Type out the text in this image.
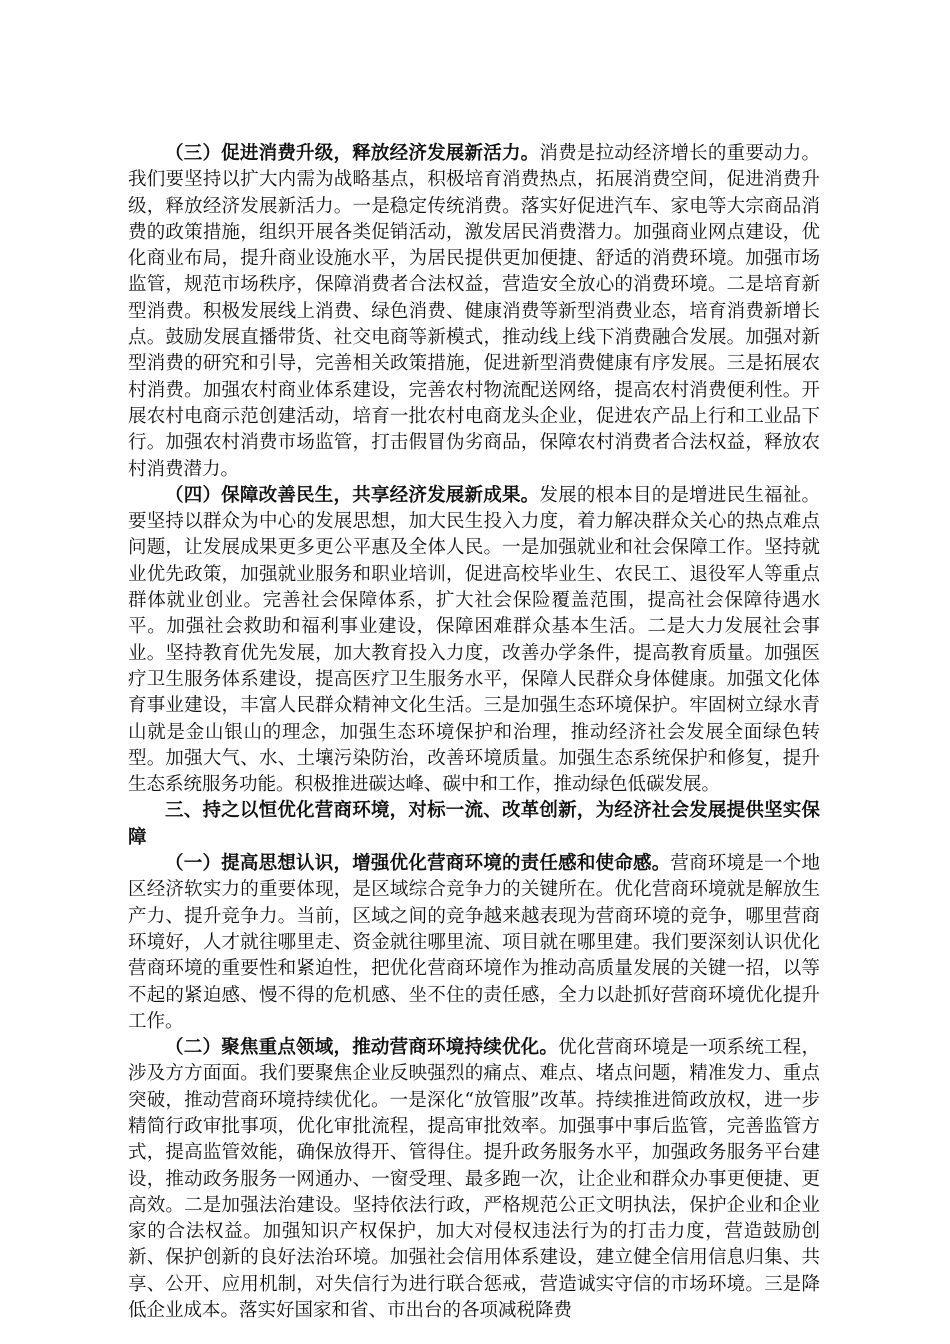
（三）促进消费升级，释放经济发展新活力。消费是拉动经济增长的重要动力。我们要坚持以扩大内需为战略基点，积极培育消费热点，拓展消费空间，促进消费升级，释放经济发展新活力。一是稳定传统消费。落实好促进汽车、家电等大宗商品消费的政策措施，组织开展各类促销活动，激发居民消费潜力。加强商业网点建设，优化商业布局，提升商业设施水平，为居民提供更加便捷、舒适的消费环境。加强市场监管，规范市场秩序，保障消费者合法权益，营造安全放心的消费环境。二是培育新型消费。积极发展线上消费、绿色消费、健康消费等新型消费业态，培育消费新增长点。鼓励发展直播带货、社交电商等新模式，推动线上线下消费融合发展。加强对新型消费的研究和引导，完善相关政策措施，促进新型消费健康有序发展。三是拓展农村消费。加强农村商业体系建设，完善农村物流配送网络，提高农村消费便利性。开展农村电商示范创建活动，培育一批农村电商龙头企业，促进农产品上行和工业品下行。加强农村消费市场监管，打击假冒伪劣商品，保障农村消费者合法权益，释放农村消费潜力。

（四）保障改善民生，共享经济发展新成果。发展的根本目的是增进民生福祉。要坚持以群众为中心的发展思想，加大民生投入力度，着力解决群众关心的热点难点问题，让发展成果更多更公平惠及全体人民。一是加强就业和社会保障工作。坚持就业优先政策，加强就业服务和职业培训，促进高校毕业生、农民工、退役军人等重点群体就业创业。完善社会保障体系，扩大社会保险覆盖范围，提高社会保障待遇水平。加强社会救助和福利事业建设，保障困难群众基本生活。二是大力发展社会事业。坚持教育优先发展，加大教育投入力度，改善办学条件，提高教育质量。加强医疗卫生服务体系建设，提高医疗卫生服务水平，保障人民群众身体健康。加强文化体育事业建设，丰富人民群众精神文化生活。三是加强生态环境保护。牢固树立绿水青山就是金山银山的理念，加强生态环境保护和治理，推动经济社会发展全面绿色转型。加强大气、水、土壤污染防治，改善环境质量。加强生态系统保护和修复，提升生态系统服务功能。积极推进碳达峰、碳中和工作，推动绿色低碳发展。

三、持之以恒优化营商环境，对标一流、改革创新，为经济社会发展提供坚实保障

（一）提高思想认识，增强优化营商环境的责任感和使命感。营商环境是一个地区经济软实力的重要体现，是区域综合竞争力的关键所在。优化营商环境就是解放生产力、提升竞争力。当前，区域之间的竞争越来越表现为营商环境的竞争，哪里营商环境好，人才就往哪里走、资金就往哪里流、项目就在哪里建。我们要深刻认识优化营商环境的重要性和紧迫性，把优化营商环境作为推动高质量发展的关键一招，以等不起的紧迫感、慢不得的危机感、坐不住的责任感，全力以赴抓好营商环境优化提升工作。

（二）聚焦重点领域，推动营商环境持续优化。优化营商环境是一项系统工程，涉及方方面面。我们要聚焦企业反映强烈的痛点、难点、堵点问题，精准发力、重点突破，推动营商环境持续优化。一是深化“放管服”改革。持续推进简政放权，进一步精简行政审批事项，优化审批流程，提高审批效率。加强事中事后监管，完善监管方式，提高监管效能，确保放得开、管得住。提升政务服务水平，加强政务服务平台建设，推动政务服务一网通办、一窗受理、最多跑一次，让企业和群众办事更便捷、更高效。二是加强法治建设。坚持依法行政，严格规范公正文明执法，保护企业和企业家的合法权益。加强知识产权保护，加大对侵权违法行为的打击力度，营造鼓励创新、保护创新的良好法治环境。加强社会信用体系建设，建立健全信用信息归集、共享、公开、应用机制，对失信行为进行联合惩戒，营造诚实守信的市场环境。三是降低企业成本。落实好国家和省、市出台的各项减税降费
